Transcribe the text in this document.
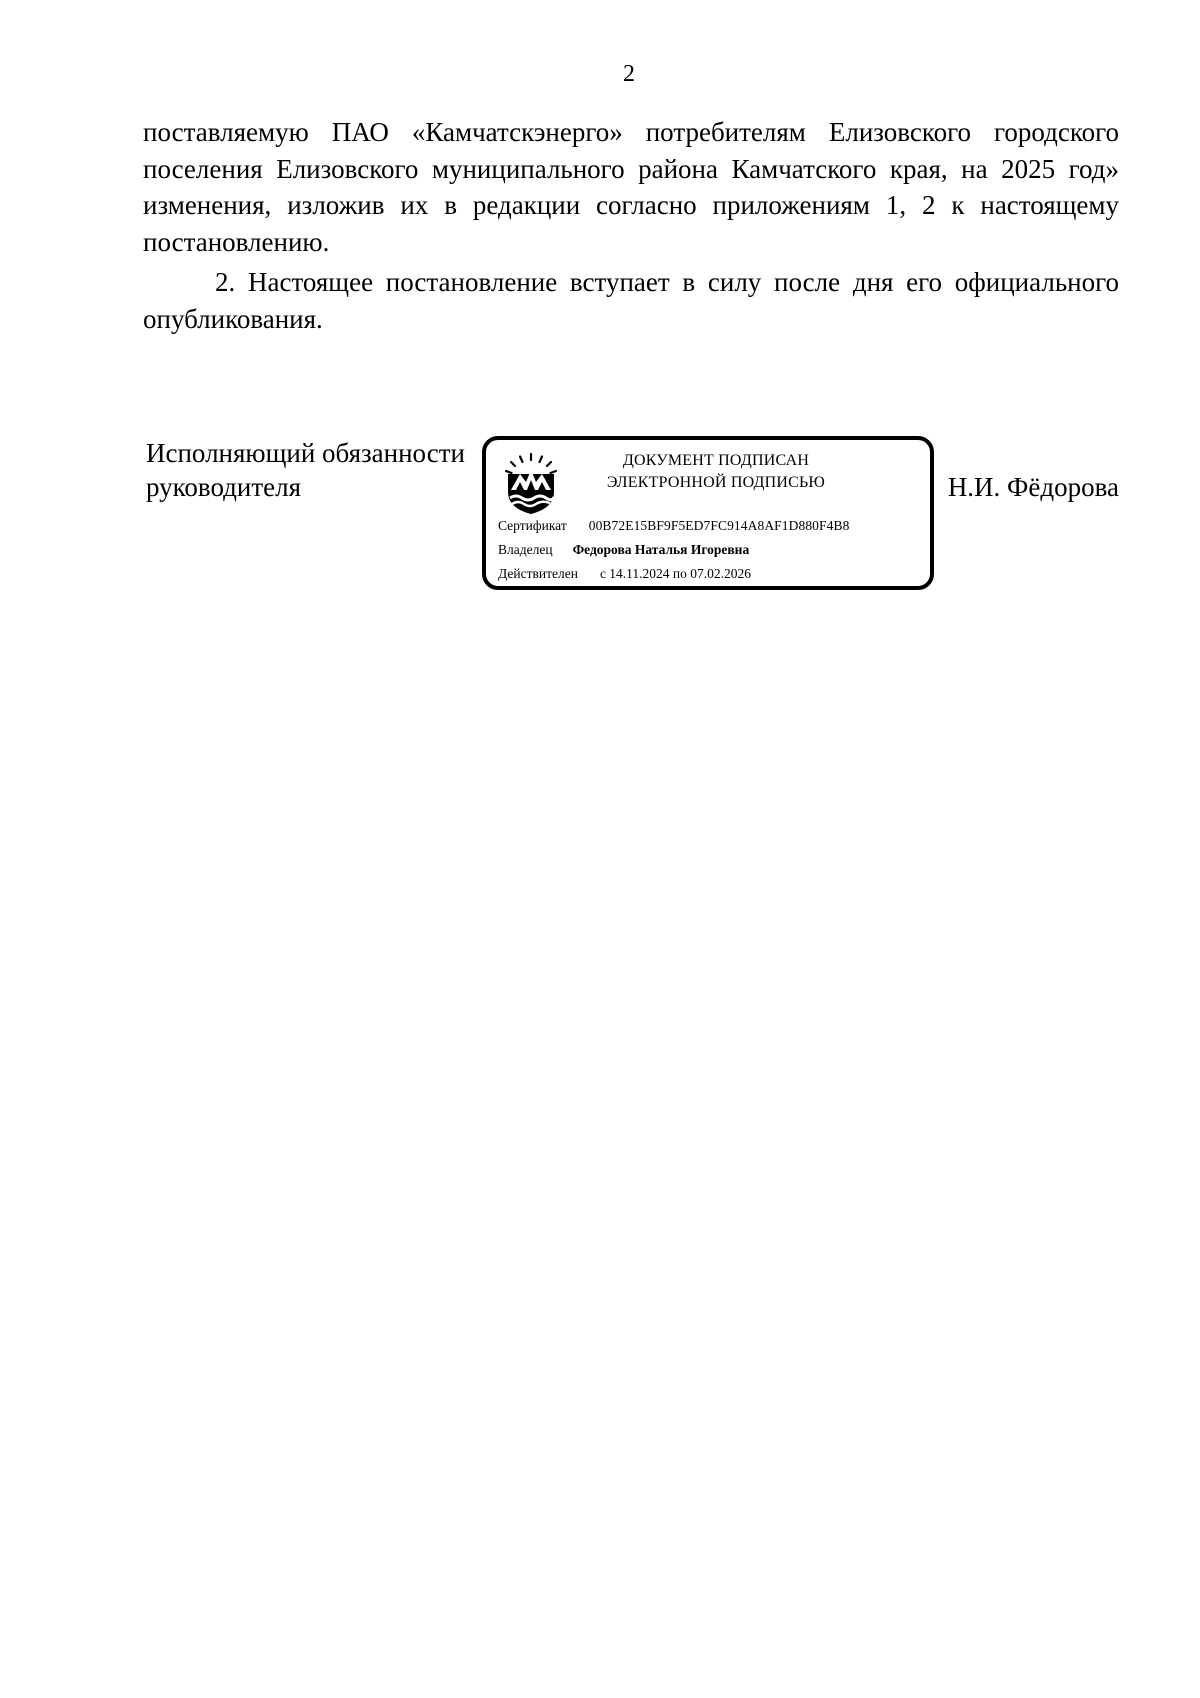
2
поставляемую ПАО «Камчатскэнерго» потребителям Елизовского городского
поселения Елизовского муниципального района Камчатского края, на 2025 год»
изменения, изложив их в редакции согласно приложениям 1, 2 к настоящему
постановлению.
2. Настоящее постановление вступает в силу после дня его официального
опубликования.
Исполняющий обязанности
руководителя	Н.И. Фёдорова
ДОКУМЕНТ ПОДПИСАН
ЭЛЕКТРОННОЙ ПОДПИСЬЮ
Сертификат 00B72E15BF9F5ED7FC914A8AF1D880F4B8
Владелец Федорова Наталья Игоревна
Действителен с 14.11.2024 по 07.02.2026
